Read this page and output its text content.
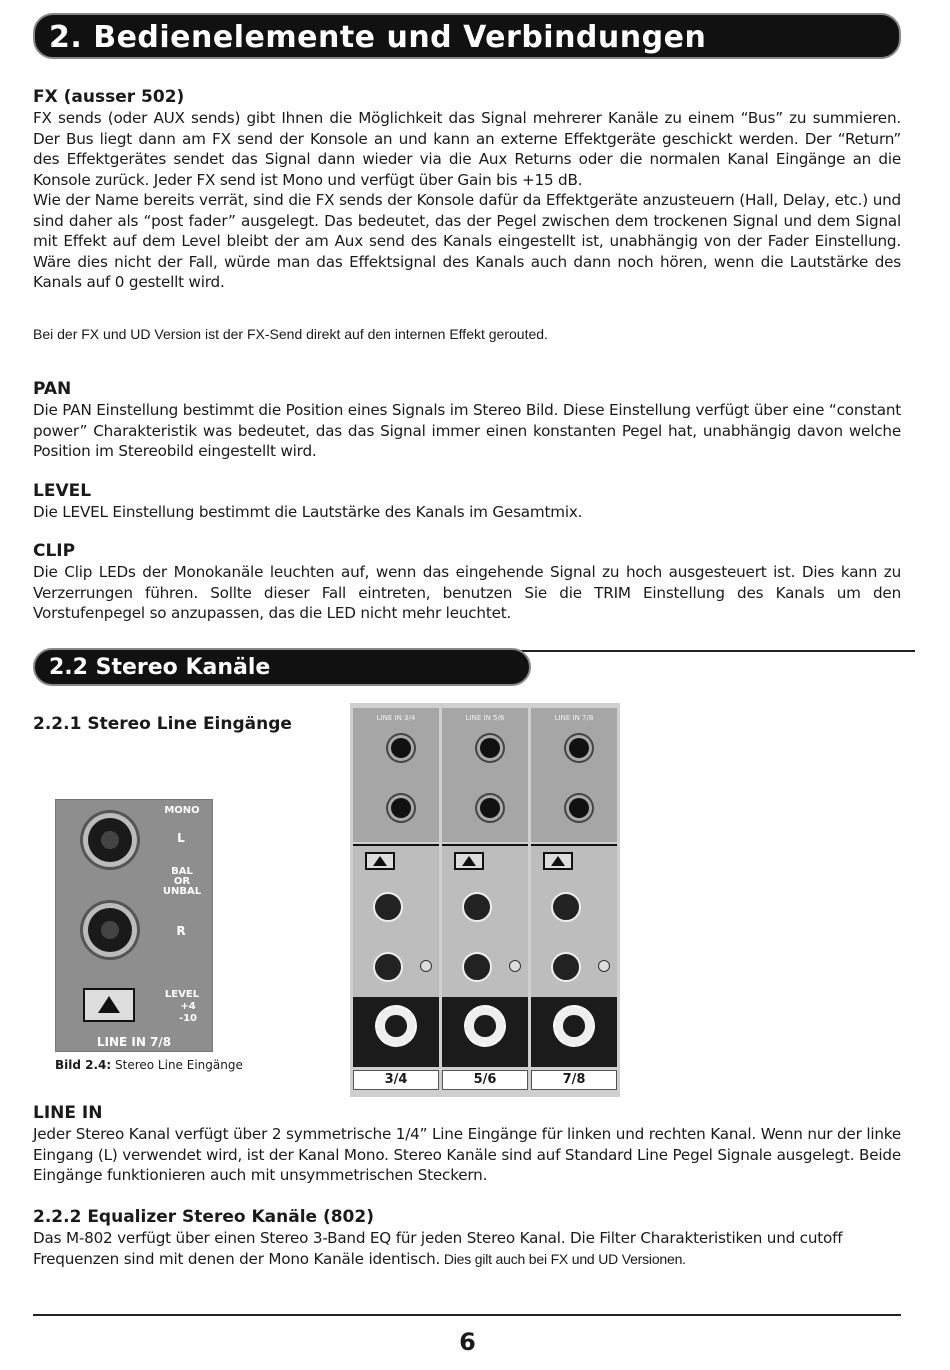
2. Bedienelemente und Verbindungen

FX (ausser 502)

FX sends (oder AUX sends) gibt Ihnen die Möglichkeit das Signal mehrerer Kanäle zu einem “Bus” zu summieren. Der Bus liegt dann am FX send der Konsole an und kann an externe Effektgeräte geschickt werden. Der “Return” des Effektgerätes sendet das Signal dann wieder via die Aux Returns oder die normalen Kanal Eingänge an die Konsole zurück. Jeder FX send ist Mono und verfügt über Gain bis +15 dB.

Wie der Name bereits verrät, sind die FX sends der Konsole dafür da Effektgeräte anzusteuern (Hall, Delay, etc.) und sind daher als “post fader” ausgelegt. Das bedeutet, das der Pegel zwischen dem trockenen Signal und dem Signal mit Effekt auf dem Level bleibt der am Aux send des Kanals eingestellt ist, unabhängig von der Fader Einstellung. Wäre dies nicht der Fall, würde man das Effektsignal des Kanals auch dann noch hören, wenn die Lautstärke des Kanals auf 0 gestellt wird.

Bei der FX und UD Version ist der FX-Send direkt auf den internen Effekt gerouted.

PAN

Die PAN Einstellung bestimmt die Position eines Signals im Stereo Bild. Diese Einstellung verfügt über eine “constant power” Charakteristik was bedeutet, das das Signal immer einen konstanten Pegel hat, unabhängig davon welche Position im Stereobild eingestellt wird.

LEVEL

Die LEVEL Einstellung bestimmt die Lautstärke des Kanals im Gesamtmix.

CLIP

Die Clip LEDs der Monokanäle leuchten auf, wenn das eingehende Signal zu hoch ausgesteuert ist. Dies kann zu Verzerrungen führen. Sollte dieser Fall eintreten, benutzen Sie die TRIM Einstellung des Kanals um den Vorstufenpegel so anzupassen, das die LED nicht mehr leuchtet.

2.2 Stereo Kanäle
2.2.1 Stereo Line Eingänge
MONO
L
BAL
OR
UNBAL
R
LEVEL
+4
-10
LINE IN 7/8
Bild 2.4: Stereo Line Eingänge
LINE IN 3/4
3/4
LINE IN 5/6
5/6
LINE IN 7/8
7/8

LINE IN

Jeder Stereo Kanal verfügt über 2 symmetrische 1/4” Line Eingänge für linken und rechten Kanal. Wenn nur der linke Eingang (L) verwendet wird, ist der Kanal Mono. Stereo Kanäle sind auf Standard Line Pegel Signale ausgelegt. Beide Eingänge funktionieren auch mit unsymmetrischen Steckern.

2.2.2 Equalizer Stereo Kanäle (802)

Das M-802 verfügt über einen Stereo 3-Band EQ für jeden Stereo Kanal. Die Filter Charakteristiken und cutoff Frequenzen sind mit denen der Mono Kanäle identisch. Dies gilt auch bei FX und UD Versionen.

6
